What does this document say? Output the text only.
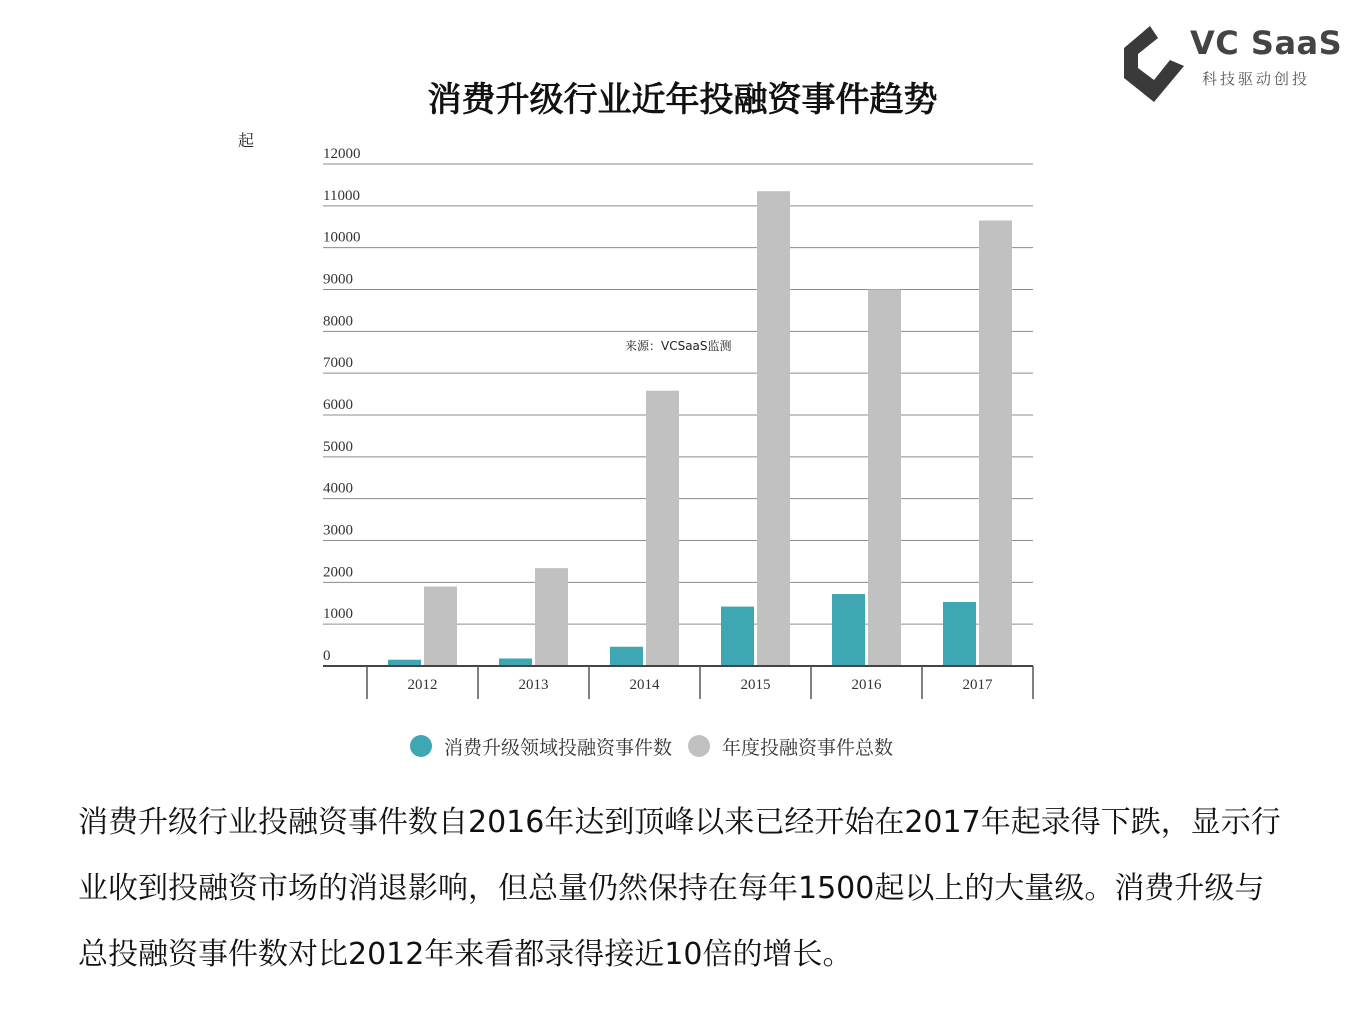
VC SaaS
科技驱动创投
消费升级行业近年投融资事件趋势
起
0
1000
2000
3000
4000
5000
6000
7000
8000
9000
10000
11000
12000
2012	2013	2014	2015	2016	2017
来源：VCSaaS监测
消费升级领域投融资事件数	年度投融资事件总数
消费升级行业投融资事件数自2016年达到顶峰以来已经开始在2017年起录得下跌，显示行业收到投融资市场的消退影响，但总量仍然保持在每年1500起以上的大量级。消费升级与总投融资事件数对比2012年来看都录得接近10倍的增长。
